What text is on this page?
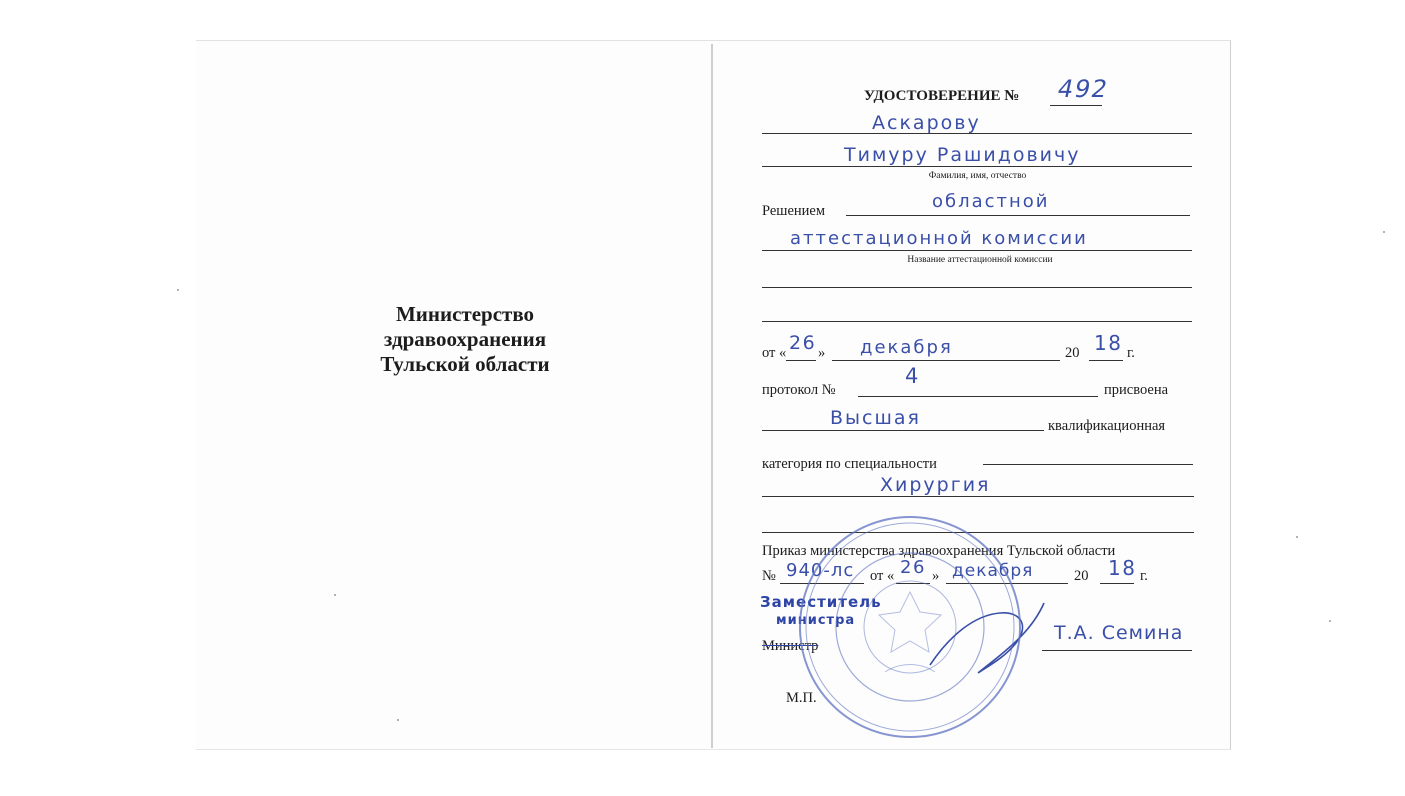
Министерство
здравоохранения
Тульской области
УДОСТОВЕРЕНИЕ № 492
Аскарову
Тимуру Рашидовичу
Фамилия, имя, отчество
Решением	областной
аттестационной комиссии
Название аттестационной комиссии
от « 26 » декабря	20 18 г.
протокол №
4
присвоена
Высшая	квалификационная
категория по специальности
Хирургия
Приказ министерства здравоохранения Тульской области
№ 940-лс от « 26 » декабря	20 18 г.
Заместитель
министра
Министр
Т.А. Семина
М.П.
